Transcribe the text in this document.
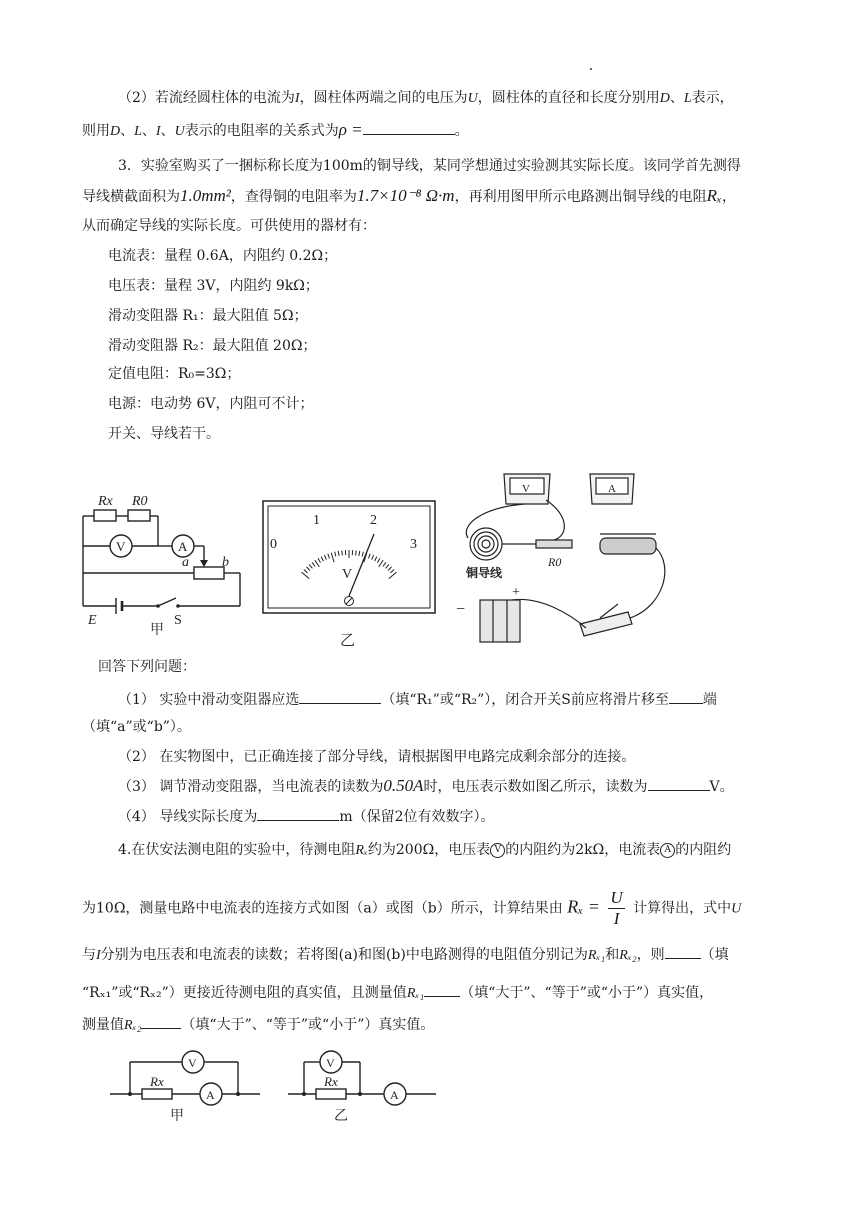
（2）若流经圆柱体的电流为I，圆柱体两端之间的电压为U，圆柱体的直径和长度分别用D、L表示，
则用D、L、I、U表示的电阻率的关系式为ρ =	。
3．实验室购买了一捆标称长度为100m的铜导线，某同学想通过实验测其实际长度。该同学首先测得
导线横截面积为1.0mm²，查得铜的电阻率为1.7×10⁻⁸ Ω·m，再利用图甲所示电路测出铜导线的电阻Rₓ，
从而确定导线的实际长度。可供使用的器材有：
电流表：量程 0.6A，内阻约 0.2Ω；
电压表：量程 3V，内阻约 9kΩ；
滑动变阻器 R₁：最大阻值 5Ω；
滑动变阻器 R₂：最大阻值 20Ω；
定值电阻：R₀=3Ω；
电源：电动势 6V，内阻可不计；
开关、导线若干。
Rx R0
V	A
a b
E	S
甲
0
1	2
3
V
乙
V	A
铜导线
R0
−
+
回答下列问题：
（1） 实验中滑动变阻器应选	（填“R₁”或“R₂”），闭合开关S前应将滑片移至 端
（填“a”或“b”）。
（2） 在实物图中，已正确连接了部分导线，请根据图甲电路完成剩余部分的连接。
（3） 调节滑动变阻器，当电流表的读数为0.50A时，电压表示数如图乙所示，读数为	V。
（4） 导线实际长度为	m（保留2位有效数字）。
4.在伏安法测电阻的实验中，待测电阻Rₓ约为200Ω，电压表 V 的内阻约为2kΩ，电流表 A 的内阻约
为10Ω，测量电路中电流表的连接方式如图（a）或图（b）所示，计算结果由 $R_x = \frac{U}{I}$ 计算得出，式中U
与I分别为电压表和电流表的读数；若将图(a)和图(b)中电路测得的电阻值分别记为Rₓ₁和Rₓ₂，则	（填
“Rₓ₁”或“Rₓ₂”）更接近待测电阻的真实值，且测量值Rₓ₁	（填“大于”、“等于”或“小于”）真实值，
测量值Rₓ₂	（填“大于”、“等于”或“小于”）真实值。
Rx
V
A
甲
Rx
V
A
乙
